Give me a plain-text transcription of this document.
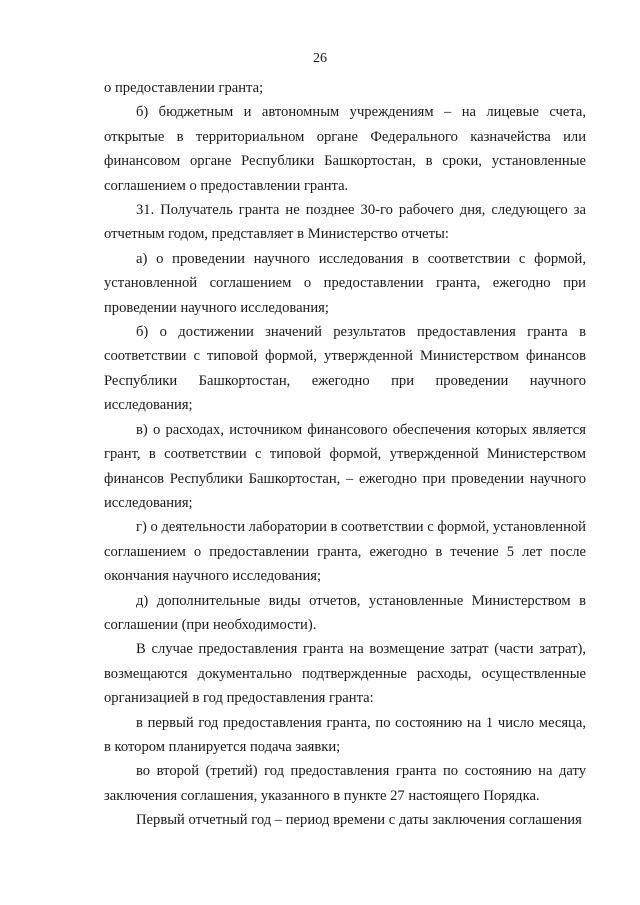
26

о предоставлении гранта;

б) бюджетным и автономным учреждениям – на лицевые счета, открытые в территориальном органе Федерального казначейства или финансовом органе Республики Башкортостан, в сроки, установленные соглашением о предоставлении гранта.

31. Получатель гранта не позднее 30-го рабочего дня, следующего за отчетным годом, представляет в Министерство отчеты:

а) о проведении научного исследования в соответствии с формой, установленной соглашением о предоставлении гранта, ежегодно при проведении научного исследования;

б) о достижении значений результатов предоставления гранта в соответствии с типовой формой, утвержденной Министерством финансов Республики Башкортостан, ежегодно при проведении научного исследования;

в) о расходах, источником финансового обеспечения которых является грант, в соответствии с типовой формой, утвержденной Министерством финансов Республики Башкортостан, – ежегодно при проведении научного исследования;

г) о деятельности лаборатории в соответствии с формой, установленной соглашением о предоставлении гранта, ежегодно в течение 5 лет после окончания научного исследования;

д) дополнительные виды отчетов, установленные Министерством в соглашении (при необходимости).

В случае предоставления гранта на возмещение затрат (части затрат), возмещаются документально подтвержденные расходы, осуществленные организацией в год предоставления гранта:

в первый год предоставления гранта, по состоянию на 1 число месяца, в котором планируется подача заявки;

во второй (третий) год предоставления гранта по состоянию на дату заключения соглашения, указанного в пункте 27 настоящего Порядка.

Первый отчетный год – период времени с даты заключения соглашения
